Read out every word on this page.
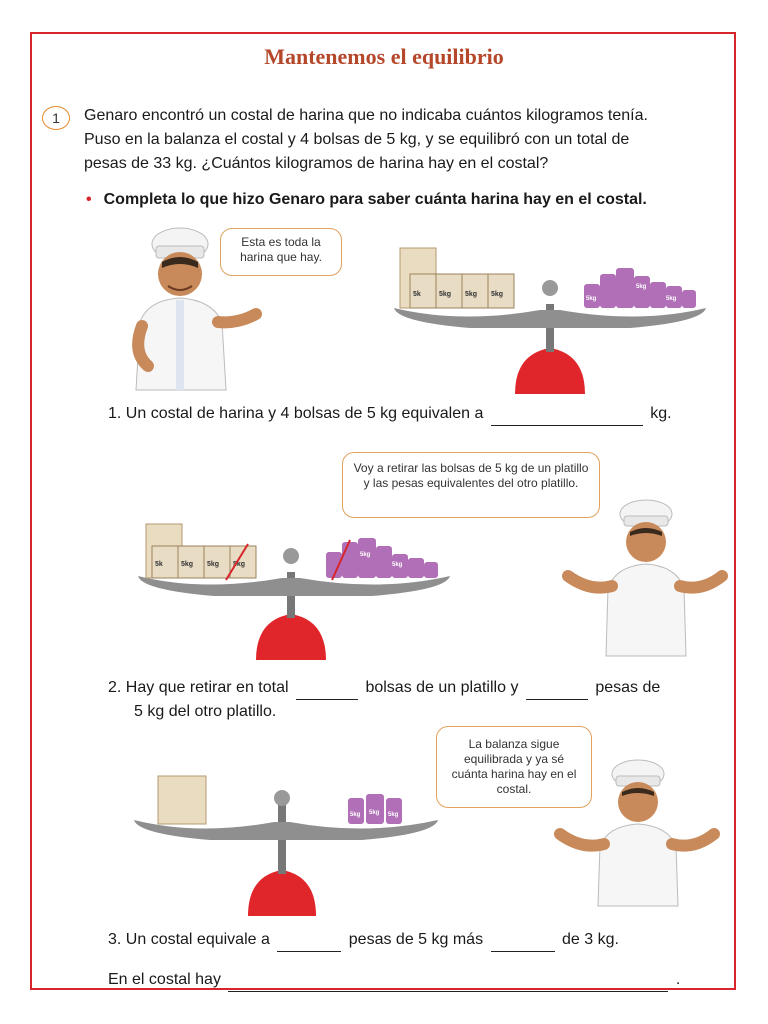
Mantenemos el equilibrio
1	Genaro encontró un costal de harina que no indicaba cuántos kilogramos tenía.
Puso en la balanza el costal y 4 bolsas de 5 kg, y se equilibró con un total de
pesas de 33 kg. ¿Cuántos kilogramos de harina hay en el costal?
• Completa lo que hizo Genaro para saber cuánta harina hay en el costal.
Esta es toda la harina que hay.
5k	5kg 5kg 5kg
5kg
5kg	5kg
1. Un costal de harina y 4 bolsas de 5 kg equivalen a	kg.
Voy a retirar las bolsas de 5 kg de un platillo y las pesas equivalentes del otro platillo.
5k	5kg 5kg 5kg
5kg
5kg
2. Hay que retirar en total	bolsas de un platillo y	pesas de
5 kg del otro platillo.
La balanza sigue equilibrada y ya sé cuánta harina hay en el costal.
5kg 5kg 5kg
3. Un costal equivale a	pesas de 5 kg más	de 3 kg.
En el costal hay	.
